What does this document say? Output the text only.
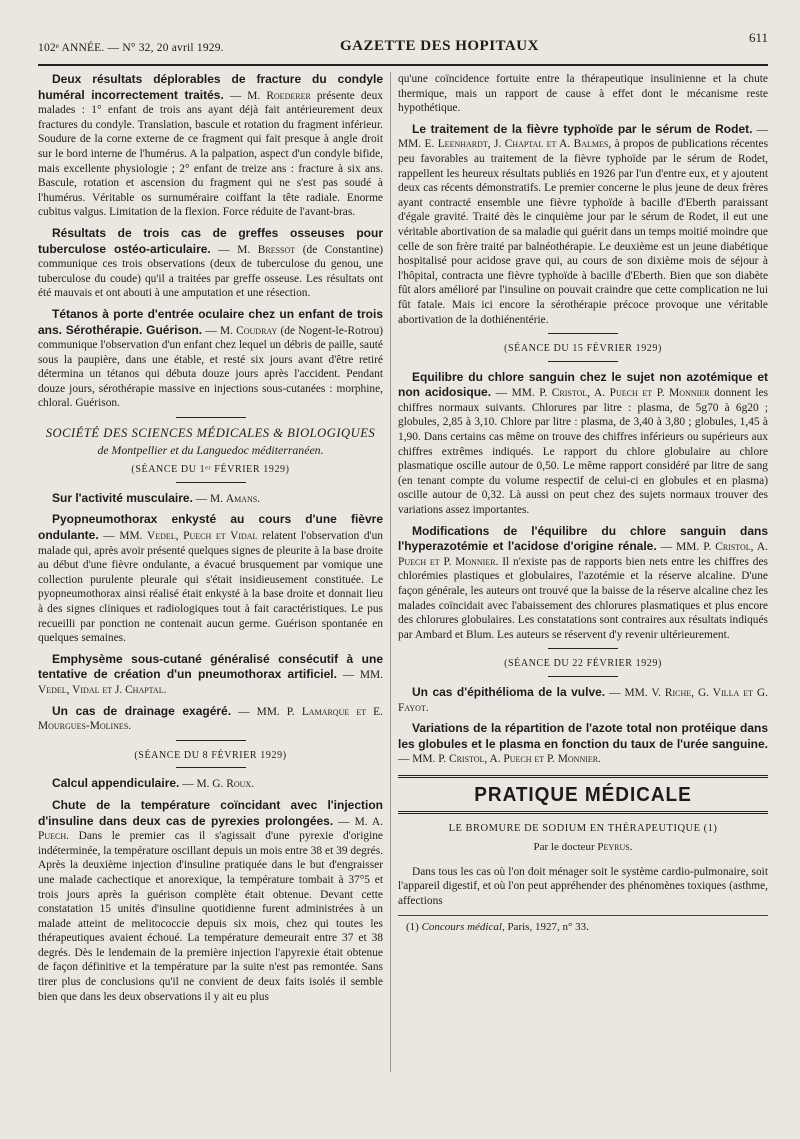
102ᵉ ANNÉE. — N° 32, 20 avril 1929.	GAZETTE DES HOPITAUX
611

Deux résultats déplorables de fracture du condyle huméral incorrectement traités. — M. Roederer présente deux malades : 1° enfant de trois ans ayant déjà fait antérieurement deux fractures du condyle. Translation, bascule et rotation du fragment inférieur. Soudure de la corne externe de ce fragment qui fait presque à angle droit sur le bord interne de l'humérus. A la palpation, aspect d'un condyle bifide, mais excellente physiologie ; 2° enfant de treize ans : fracture à six ans. Bascule, rotation et ascension du fragment qui ne s'est pas soudé à l'humérus. Véritable os surnuméraire coiffant la tête radiale. Enorme cubitus valgus. Limitation de la flexion. Force réduite de l'avant-bras.

Résultats de trois cas de greffes osseuses pour tuberculose ostéo-articulaire. — M. Bressot (de Constantine) communique ces trois observations (deux de tuberculose du genou, une tuberculose du coude) qu'il a traitées par greffe osseuse. Les résultats ont été mauvais et ont abouti à une amputation et une résection.

Tétanos à porte d'entrée oculaire chez un enfant de trois ans. Sérothérapie. Guérison. — M. Coudray (de Nogent-le-Rotrou) communique l'observation d'un enfant chez lequel un débris de paille, sauté sous la paupière, dans une étable, et resté six jours avant d'être retiré détermina un tétanos qui débuta douze jours après l'accident. Pendant douze jours, sérothérapie massive en injections sous-cutanées : morphine, chloral. Guérison.

SOCIÉTÉ DES SCIENCES MÉDICALES & BIOLOGIQUES
de Montpellier et du Languedoc méditerranéen.
(SÉANCE DU 1ᵉʳ FÉVRIER 1929)

Sur l'activité musculaire. — M. Amans.

Pyopneumothorax enkysté au cours d'une fièvre ondulante. — MM. Vedel, Puech et Vidal relatent l'observation d'un malade qui, après avoir présenté quelques signes de pleurite à la base droite au début d'une fièvre ondulante, a évacué brusquement par vomique une collection purulente pleurale qui s'était insidieusement constituée. Le pyopneumothorax ainsi réalisé était enkysté à la base droite et donnait lieu à des signes cliniques et radiologiques tout à fait caractéristiques. Le pus recueilli par ponction ne contenait aucun germe. Guérison spontanée en quelques semaines.

Emphysème sous-cutané généralisé consécutif à une tentative de création d'un pneumothorax artificiel. — MM. Vedel, Vidal et J. Chaptal.

Un cas de drainage exagéré. — MM. P. Lamarque et E. Mourgues-Molines.

(SÉANCE DU 8 FÉVRIER 1929)

Calcul appendiculaire. — M. G. Roux.

Chute de la température coïncidant avec l'injection d'insuline dans deux cas de pyrexies prolongées. — M. A. Puech. Dans le premier cas il s'agissait d'une pyrexie d'origine indéterminée, la température oscillant depuis un mois entre 38 et 39 degrés. Après la deuxième injection d'insuline pratiquée dans le but d'engraisser une malade cachectique et anorexique, la température tombait à 37°5 et trois jours après la guérison complète était obtenue. Devant cette constatation 15 unités d'insuline quotidienne furent administrées à un malade atteint de melitococcie depuis six mois, chez qui toutes les thérapeutiques avaient échoué. La température demeurait entre 37 et 38 degrés. Dès le lendemain de la première injection l'apyrexie était obtenue de façon définitive et la température par la suite n'est pas remontée. Sans tirer plus de conclusions qu'il ne convient de deux faits isolés il semble bien que dans les deux observations il y ait eu plus

qu'une coïncidence fortuite entre la thérapeutique insulinienne et la chute thermique, mais un rapport de cause à effet dont le mécanisme reste hypothétique.

Le traitement de la fièvre typhoïde par le sérum de Rodet. — MM. E. Leenhardt, J. Chaptal et A. Balmes, à propos de publications récentes peu favorables au traitement de la fièvre typhoïde par le sérum de Rodet, rappellent les heureux résultats publiés en 1926 par l'un d'entre eux, et y ajoutent deux cas récents démonstratifs. Le premier concerne le plus jeune de deux frères ayant contracté ensemble une fièvre typhoïde à bacille d'Eberth paraissant d'égale gravité. Traité dès le cinquième jour par le sérum de Rodet, il eut une véritable abortivation de sa maladie qui guérit dans un temps moitié moindre que celle de son frère traité par balnéothérapie. Le deuxième est un jeune diabétique hospitalisé pour acidose grave qui, au cours de son dixième mois de séjour à l'hôpital, contracta une fièvre typhoïde à bacille d'Eberth. Bien que son diabète fût alors amélioré par l'insuline on pouvait craindre que cette complication ne lui fût fatale. Mais ici encore la sérothérapie précoce provoque une véritable abortivation de la dothiénentérie.

(SÉANCE DU 15 FÉVRIER 1929)

Equilibre du chlore sanguin chez le sujet non azotémique et non acidosique. — MM. P. Cristol, A. Puech et P. Monnier donnent les chiffres normaux suivants. Chlorures par litre : plasma, de 5g70 à 6g20 ; globules, 2,85 à 3,10. Chlore par litre : plasma, de 3,40 à 3,80 ; globules, 1,45 à 1,90. Dans certains cas même on trouve des chiffres inférieurs ou supérieurs aux chiffres extrêmes indiqués. Le rapport du chlore globulaire au chlore plasmatique oscille autour de 0,50. Le même rapport considéré par litre de sang (en tenant compte du volume respectif de celui-ci en globules et en plasma) oscille autour de 0,32. Là aussi on peut chez des sujets normaux trouver des variations assez importantes.

Modifications de l'équilibre du chlore sanguin dans l'hyperazotémie et l'acidose d'origine rénale. — MM. P. Cristol, A. Puech et P. Monnier. Il n'existe pas de rapports bien nets entre les chiffres des chlorémies plastiques et globulaires, l'azotémie et la réserve alcaline. D'une façon générale, les auteurs ont trouvé que la baisse de la réserve alcaline chez les malades coïncidait avec l'abaissement des chlorures plasmatiques et plus encore des chlorures globulaires. Les constatations sont contraires aux résultats indiqués par Ambard et Blum. Les auteurs se réservent d'y revenir ultérieurement.

(SÉANCE DU 22 FÉVRIER 1929)

Un cas d'épithélioma de la vulve. — MM. V. Riche, G. Villa et G. Fayot.

Variations de la répartition de l'azote total non protéique dans les globules et le plasma en fonction du taux de l'urée sanguine. — MM. P. Cristol, A. Puech et P. Monnier.

PRATIQUE MÉDICALE
LE BROMURE DE SODIUM EN THÉRAPEUTIQUE (1)
Par le docteur Peyrus.

Dans tous les cas où l'on doit ménager soit le système cardio-pulmonaire, soit l'appareil digestif, et où l'on peut appréhender des phénomènes toxiques (asthme, affections

(1) Concours médical, Paris, 1927, n° 33.
